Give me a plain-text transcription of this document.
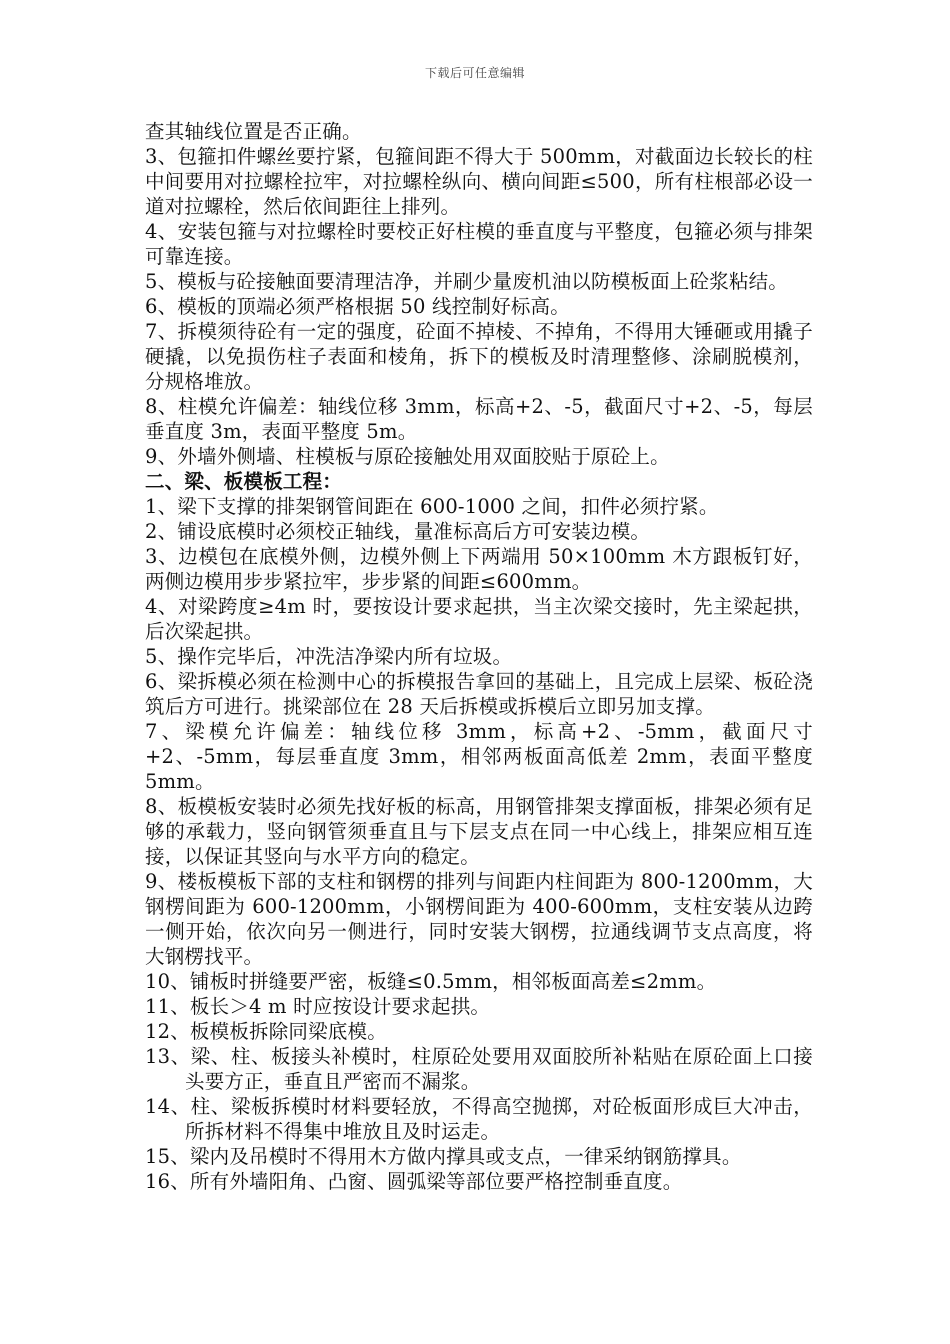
下载后可任意编辑

查其轴线位置是否正确。

3、包箍扣件螺丝要拧紧，包箍间距不得大于 500mm，对截面边长较长的柱中间要用对拉螺栓拉牢，对拉螺栓纵向、横向间距≤500，所有柱根部必设一道对拉螺栓，然后依间距往上排列。

4、安装包箍与对拉螺栓时要校正好柱模的垂直度与平整度，包箍必须与排架可靠连接。

5、模板与砼接触面要清理洁净，并刷少量废机油以防模板面上砼浆粘结。

6、模板的顶端必须严格根据 50 线控制好标高。

7、拆模须待砼有一定的强度，砼面不掉棱、不掉角，不得用大锤砸或用撬子硬撬，以免损伤柱子表面和棱角，拆下的模板及时清理整修、涂刷脱模剂，分规格堆放。

8、柱模允许偏差：轴线位移 3mm，标高+2、-5，截面尺寸+2、-5，每层垂直度 3m，表面平整度 5m。

9、外墙外侧墙、柱模板与原砼接触处用双面胶贴于原砼上。

二、梁、板模板工程：

1、梁下支撑的排架钢管间距在 600-1000 之间，扣件必须拧紧。

2、铺设底模时必须校正轴线，量准标高后方可安装边模。

3、边模包在底模外侧，边模外侧上下两端用 50×100mm 木方跟板钉好，两侧边模用步步紧拉牢，步步紧的间距≤600mm。

4、对梁跨度≥4m 时，要按设计要求起拱，当主次梁交接时，先主梁起拱，后次梁起拱。

5、操作完毕后，冲洗洁净梁内所有垃圾。

6、梁拆模必须在检测中心的拆模报告拿回的基础上，且完成上层梁、板砼浇筑后方可进行。挑梁部位在 28 天后拆模或拆模后立即另加支撑。

7、梁模允许偏差：轴线位移 3mm，标高+2、-5mm，截面尺寸+2、-5mm，每层垂直度 3mm，相邻两板面高低差 2mm，表面平整度 5mm。

8、板模板安装时必须先找好板的标高，用钢管排架支撑面板，排架必须有足够的承载力，竖向钢管须垂直且与下层支点在同一中心线上，排架应相互连接，以保证其竖向与水平方向的稳定。

9、楼板模板下部的支柱和钢楞的排列与间距内柱间距为 800-1200mm，大钢楞间距为 600-1200mm，小钢楞间距为 400-600mm，支柱安装从边跨一侧开始，依次向另一侧进行，同时安装大钢楞，拉通线调节支点高度，将大钢楞找平。

10、铺板时拼缝要严密，板缝≤0.5mm，相邻板面高差≤2mm。

11、板长＞4 m 时应按设计要求起拱。

12、板模板拆除同梁底模。

13、梁、柱、板接头补模时，柱原砼处要用双面胶所补粘贴在原砼面上口接头要方正，垂直且严密而不漏浆。

14、柱、梁板拆模时材料要轻放，不得高空抛掷，对砼板面形成巨大冲击，所拆材料不得集中堆放且及时运走。

15、梁内及吊模时不得用木方做内撑具或支点，一律采纳钢筋撑具。

16、所有外墙阳角、凸窗、圆弧梁等部位要严格控制垂直度。
